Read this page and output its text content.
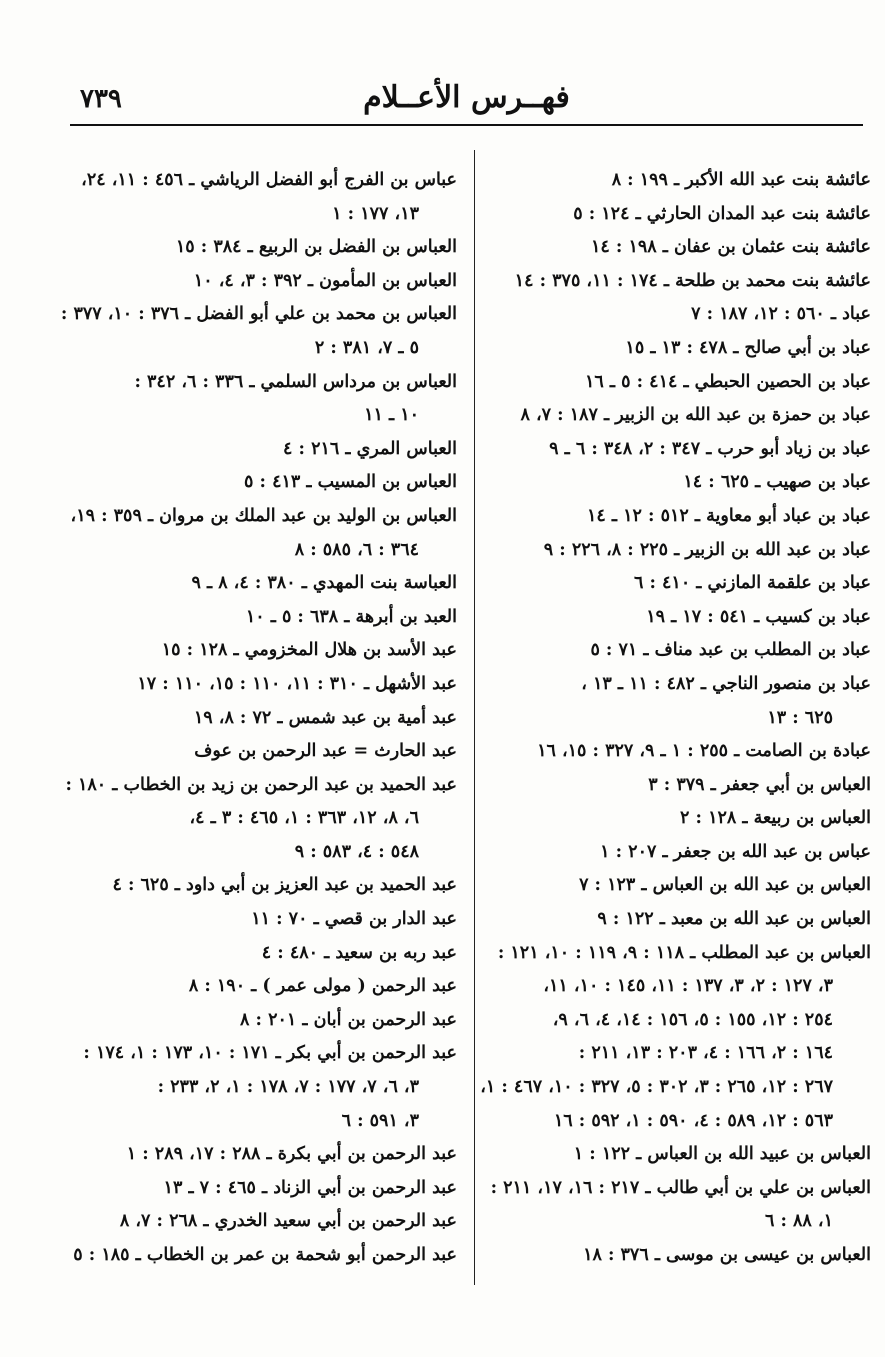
٧٣٩	فهــرس الأعــلام
عائشة بنت عبد الله الأكبر ـ ١٩٩ : ٨
عائشة بنت عبد المدان الحارثي ـ ١٢٤ : ٥
عائشة بنت عثمان بن عفان ـ ١٩٨ : ١٤
عائشة بنت محمد بن طلحة ـ ١٧٤ : ١١، ٣٧٥ : ١٤
عباد ـ ٥٦٠ : ١٢، ١٨٧ : ٧
عباد بن أبي صالح ـ ٤٧٨ : ١٣ ـ ١٥
عباد بن الحصين الحبطي ـ ٤١٤ : ٥ ـ ١٦
عباد بن حمزة بن عبد الله بن الزبير ـ ١٨٧ : ٧، ٨
عباد بن زياد أبو حرب ـ ٣٤٧ : ٢، ٣٤٨ : ٦ ـ ٩
عباد بن صهيب ـ ٦٢٥ : ١٤
عباد بن عباد أبو معاوية ـ ٥١٢ : ١٢ ـ ١٤
عباد بن عبد الله بن الزبير ـ ٢٢٥ : ٨، ٢٢٦ : ٩
عباد بن علقمة المازني ـ ٤١٠ : ٦
عباد بن كسيب ـ ٥٤١ : ١٧ ـ ١٩
عباد بن المطلب بن عبد مناف ـ ٧١ : ٥
عباد بن منصور الناجي ـ ٤٨٢ : ١١ ـ ١٣ ،
٦٢٥ : ١٣
عبادة بن الصامت ـ ٢٥٥ : ١ ـ ٩، ٣٢٧ : ١٥، ١٦
العباس بن أبي جعفر ـ ٣٧٩ : ٣
العباس بن ربيعة ـ ١٢٨ : ٢
عباس بن عبد الله بن جعفر ـ ٢٠٧ : ١
العباس بن عبد الله بن العباس ـ ١٢٣ : ٧
العباس بن عبد الله بن معبد ـ ١٢٢ : ٩
العباس بن عبد المطلب ـ ١١٨ : ٩، ١١٩ : ١٠، ١٢١ :
٣، ١٢٧ : ٢، ٣، ١٣٧ : ١١، ١٤٥ : ١٠، ١١،
٢٥٤ : ١٢، ١٥٥ : ٥، ١٥٦ : ١٤، ٤، ٦، ٩،
١٦٤ : ٢، ١٦٦ : ٤، ٢٠٣ : ١٣، ٢١١ :
٢٦٧ : ١٢، ٢٦٥ : ٣، ٣٠٢ : ٥، ٣٢٧ : ١٠، ٤٦٧ : ١،
٥٦٣ : ١٢، ٥٨٩ : ٤، ٥٩٠ : ١، ٥٩٢ : ١٦
العباس بن عبيد الله بن العباس ـ ١٢٢ : ١
العباس بن علي بن أبي طالب ـ ٢١٧ : ١٦، ١٧، ٢١١ :
١، ٨٨ : ٦
العباس بن عيسى بن موسى ـ ٣٧٦ : ١٨
عباس بن الفرج أبو الفضل الرياشي ـ ٤٥٦ : ١١، ٢٤،
١٣، ١٧٧ : ١
العباس بن الفضل بن الربيع ـ ٣٨٤ : ١٥
العباس بن المأمون ـ ٣٩٢ : ٣، ٤، ١٠
العباس بن محمد بن علي أبو الفضل ـ ٣٧٦ : ١٠، ٣٧٧ :
٥ ـ ٧، ٣٨١ : ٢
العباس بن مرداس السلمي ـ ٣٣٦ : ٦، ٣٤٢ :
١٠ ـ ١١
العباس المري ـ ٢١٦ : ٤
العباس بن المسيب ـ ٤١٣ : ٥
العباس بن الوليد بن عبد الملك بن مروان ـ ٣٥٩ : ١٩،
٣٦٤ : ٦، ٥٨٥ : ٨
العباسة بنت المهدي ـ ٣٨٠ : ٤، ٨ ـ ٩
العبد بن أبرهة ـ ٦٣٨ : ٥ ـ ١٠
عبد الأسد بن هلال المخزومي ـ ١٢٨ : ١٥
عبد الأشهل ـ ٣١٠ : ١١، ١١٠ : ١٥، ١١٠ : ١٧
عبد أمية بن عبد شمس ـ ٧٢ : ٨، ١٩
عبد الحارث = عبد الرحمن بن عوف
عبد الحميد بن عبد الرحمن بن زيد بن الخطاب ـ ١٨٠ :
٦، ٨، ١٢، ٣٦٣ : ١، ٤٦٥ : ٣ ـ ٤،
٥٤٨ : ٤، ٥٨٣ : ٩
عبد الحميد بن عبد العزيز بن أبي داود ـ ٦٢٥ : ٤
عبد الدار بن قصي ـ ٧٠ : ١١
عبد ربه بن سعيد ـ ٤٨٠ : ٤
عبد الرحمن ( مولى عمر ) ـ ١٩٠ : ٨
عبد الرحمن بن أبان ـ ٢٠١ : ٨
عبد الرحمن بن أبي بكر ـ ١٧١ : ١٠، ١٧٣ : ١، ١٧٤ :
٣، ٦، ٧، ١٧٧ : ٧، ١٧٨ : ١، ٢، ٢٣٣ :
٣، ٥٩١ : ٦
عبد الرحمن بن أبي بكرة ـ ٢٨٨ : ١٧، ٢٨٩ : ١
عبد الرحمن بن أبي الزناد ـ ٤٦٥ : ٧ ـ ١٣
عبد الرحمن بن أبي سعيد الخدري ـ ٢٦٨ : ٧، ٨
عبد الرحمن أبو شحمة بن عمر بن الخطاب ـ ١٨٥ : ٥
